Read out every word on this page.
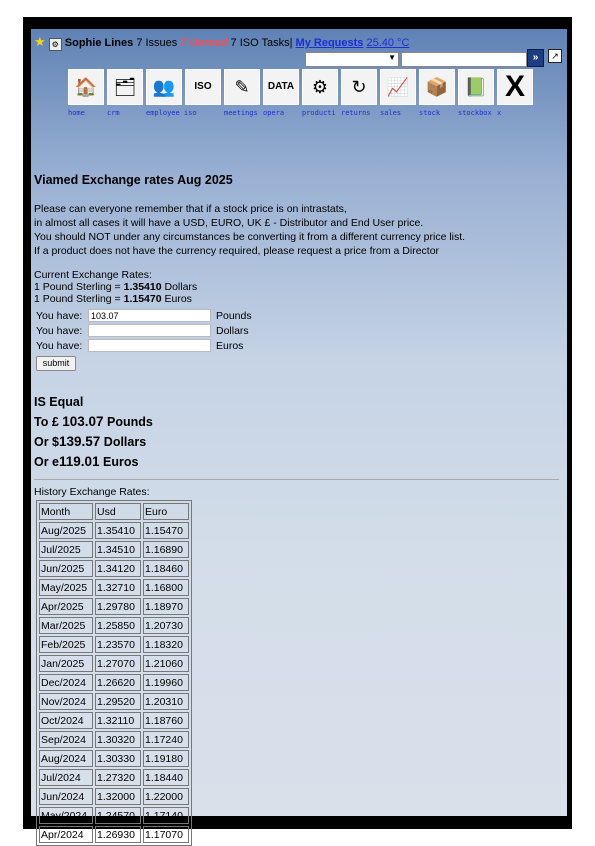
★ ⚙ Sophie Lines 7 Issues 7 Unread 7 ISO Tasks| My Requests 25.40 °C
▼	»	↗
🏠
home
🗂
crm
👥
employee iso
ISO	✎
meetings
DATA
opera
⚙
producti
↻
returns
📈
sales
📦
stock
📗
stockbox
X
x
Viamed Exchange rates Aug 2025
Please can everyone remember that if a stock price is on intrastats,
in almost all cases it will have a USD, EURO, UK £ - Distributor and End User price.
You should NOT under any circumstances be converting it from a different currency price list.
If a product does not have the currency required, please request a price from a Director
Current Exchange Rates:
1 Pound Sterling = 1.35410 Dollars
1 Pound Sterling = 1.15470 Euros
You have: 103.07	Pounds
You have:	Dollars
You have:	Euros
submit
IS Equal
To £ 103.07 Pounds
Or $139.57 Dollars
Or e119.01 Euros
History Exchange Rates:
Month	Usd	Euro
Aug/2025	1.35410	1.15470
Jul/2025	1.34510	1.16890
Jun/2025	1.34120	1.18460
May/2025	1.32710	1.16800
Apr/2025	1.29780	1.18970
Mar/2025	1.25850	1.20730
Feb/2025	1.23570	1.18320
Jan/2025	1.27070	1.21060
Dec/2024	1.26620	1.19960
Nov/2024	1.29520	1.20310
Oct/2024	1.32110	1.18760
Sep/2024	1.30320	1.17240
Aug/2024	1.30330	1.19180
Jul/2024	1.27320	1.18440
Jun/2024	1.32000	1.22000
May/2024	1.24570	1.17140
Apr/2024	1.26930	1.17070
